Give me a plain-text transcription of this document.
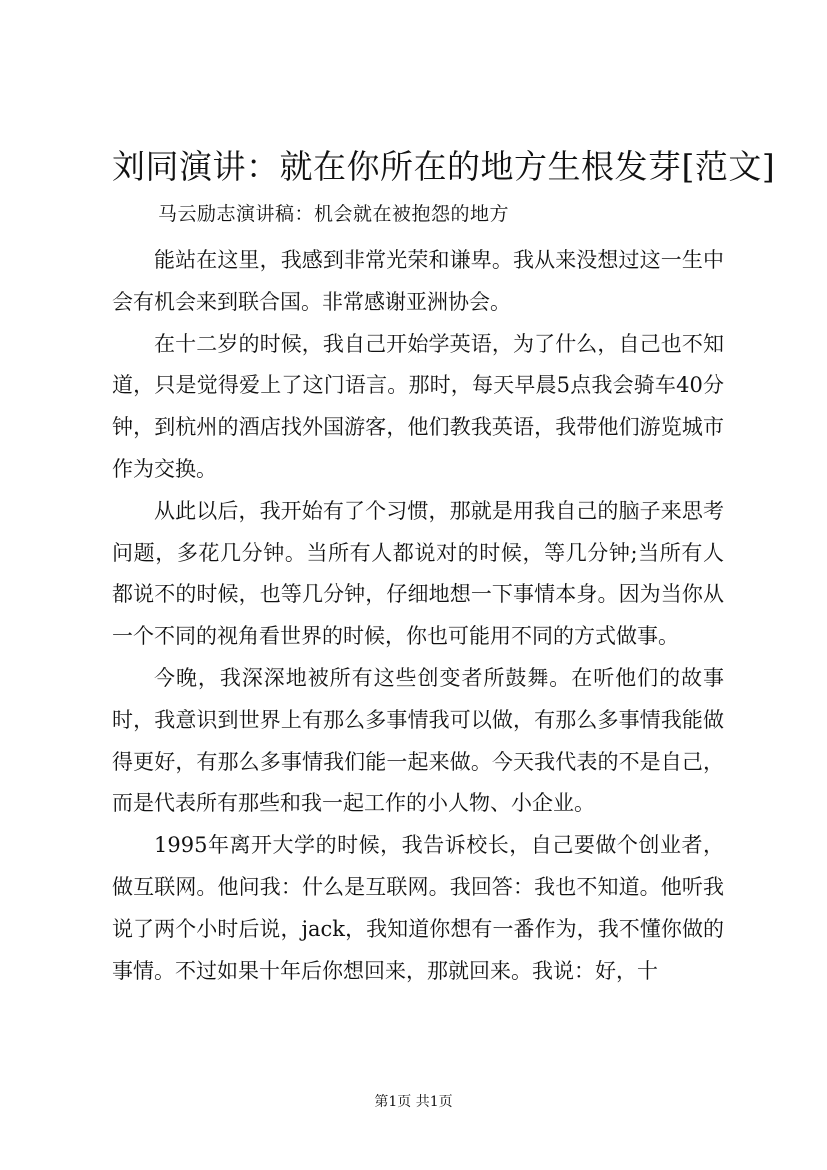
刘同演讲：就在你所在的地方生根发芽[范文]

马云励志演讲稿：机会就在被抱怨的地方

能站在这里，我感到非常光荣和谦卑。我从来没想过这一生中会有机会来到联合国。非常感谢亚洲协会。

在十二岁的时候，我自己开始学英语，为了什么，自己也不知道，只是觉得爱上了这门语言。那时，每天早晨5点我会骑车40分钟，到杭州的酒店找外国游客，他们教我英语，我带他们游览城市作为交换。

从此以后，我开始有了个习惯，那就是用我自己的脑子来思考问题，多花几分钟。当所有人都说对的时候，等几分钟;当所有人都说不的时候，也等几分钟，仔细地想一下事情本身。因为当你从一个不同的视角看世界的时候，你也可能用不同的方式做事。

今晚，我深深地被所有这些创变者所鼓舞。在听他们的故事时，我意识到世界上有那么多事情我可以做，有那么多事情我能做得更好，有那么多事情我们能一起来做。今天我代表的不是自己，而是代表所有那些和我一起工作的小人物、小企业。

1995年离开大学的时候，我告诉校长，自己要做个创业者，做互联网。他问我：什么是互联网。我回答：我也不知道。他听我说了两个小时后说，jack，我知道你想有一番作为，我不懂你做的事情。不过如果十年后你想回来，那就回来。我说：好，十

第1页 共1页
